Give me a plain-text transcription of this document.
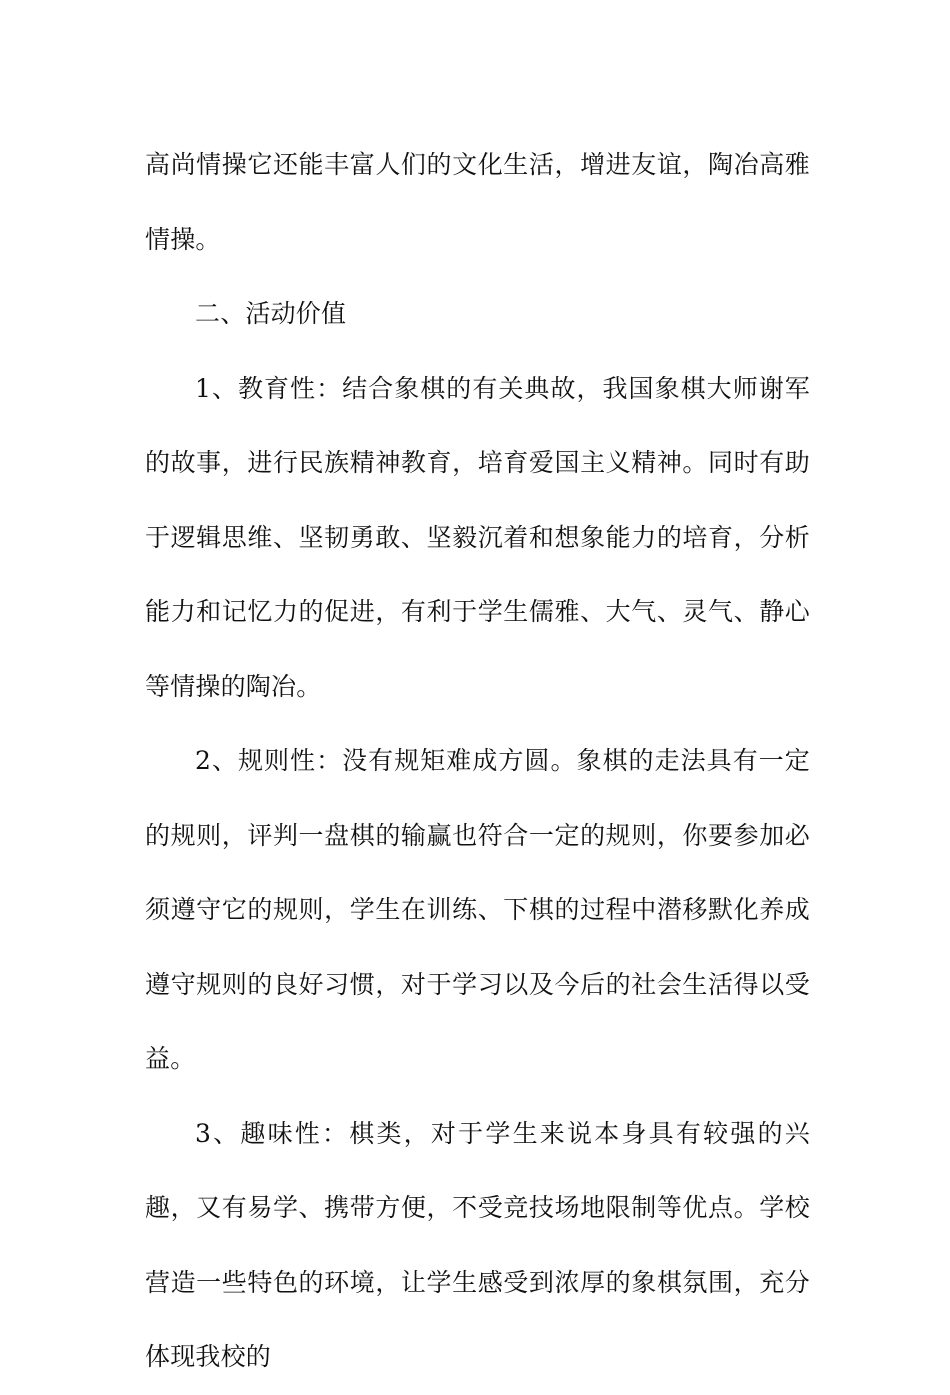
高尚情操它还能丰富人们的文化生活，增进友谊，陶冶高雅情操。

二、活动价值

1、教育性：结合象棋的有关典故，我国象棋大师谢军的故事，进行民族精神教育，培育爱国主义精神。同时有助于逻辑思维、坚韧勇敢、坚毅沉着和想象能力的培育，分析能力和记忆力的促进，有利于学生儒雅、大气、灵气、静心等情操的陶冶。

2、规则性：没有规矩难成方圆。象棋的走法具有一定的规则，评判一盘棋的输赢也符合一定的规则，你要参加必须遵守它的规则，学生在训练、下棋的过程中潜移默化养成遵守规则的良好习惯，对于学习以及今后的社会生活得以受益。

3、趣味性：棋类，对于学生来说本身具有较强的兴趣，又有易学、携带方便，不受竞技场地限制等优点。学校营造一些特色的环境，让学生感受到浓厚的象棋氛围，充分体现我校的
